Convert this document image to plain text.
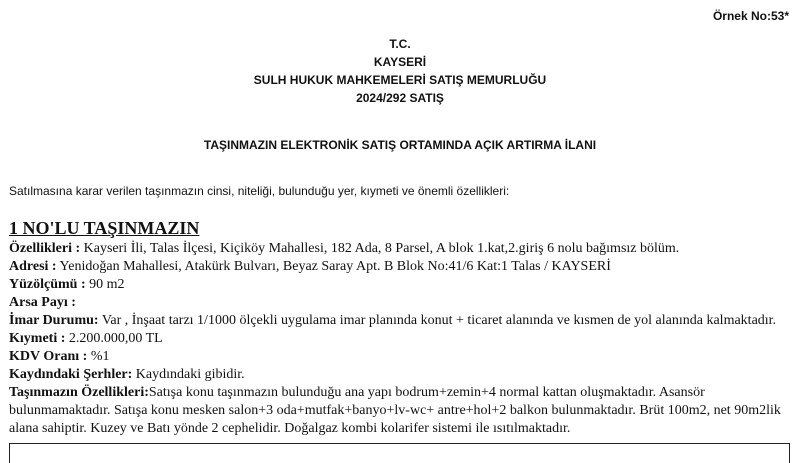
Örnek No:53*
T.C.
KAYSERİ
SULH HUKUK MAHKEMELERİ SATIŞ MEMURLUĞU
2024/292 SATIŞ
TAŞINMAZIN ELEKTRONİK SATIŞ ORTAMINDA AÇIK ARTIRMA İLANI
Satılmasına karar verilen taşınmazın cinsi, niteliği, bulunduğu yer, kıymeti ve önemli özellikleri:
1 NO'LU TAŞINMAZIN
Özellikleri : Kayseri İli, Talas İlçesi, Kiçiköy Mahallesi, 182 Ada, 8 Parsel, A blok 1.kat,2.giriş 6 nolu bağımsız bölüm.
Adresi : Yenidoğan Mahallesi, Atakürk Bulvarı, Beyaz Saray Apt. B Blok No:41/6 Kat:1 Talas / KAYSERİ
Yüzölçümü : 90 m2
Arsa Payı :
İmar Durumu: Var , İnşaat tarzı 1/1000 ölçekli uygulama imar planında konut + ticaret alanında ve kısmen de yol alanında kalmaktadır.
Kıymeti : 2.200.000,00 TL
KDV Oranı : %1
Kaydındaki Şerhler: Kaydındaki gibidir.
Taşınmazın Özellikleri:Satışa konu taşınmazın bulunduğu ana yapı bodrum+zemin+4 normal kattan oluşmaktadır. Asansör bulunmamaktadır. Satışa konu mesken salon+3 oda+mutfak+banyo+lv-wc+ antre+hol+2 balkon bulunmaktadır. Brüt 100m2, net 90m2lik alana sahiptir. Kuzey ve Batı yönde 2 cephelidir. Doğalgaz kombi kolarifer sistemi ile ısıtılmaktadır.
